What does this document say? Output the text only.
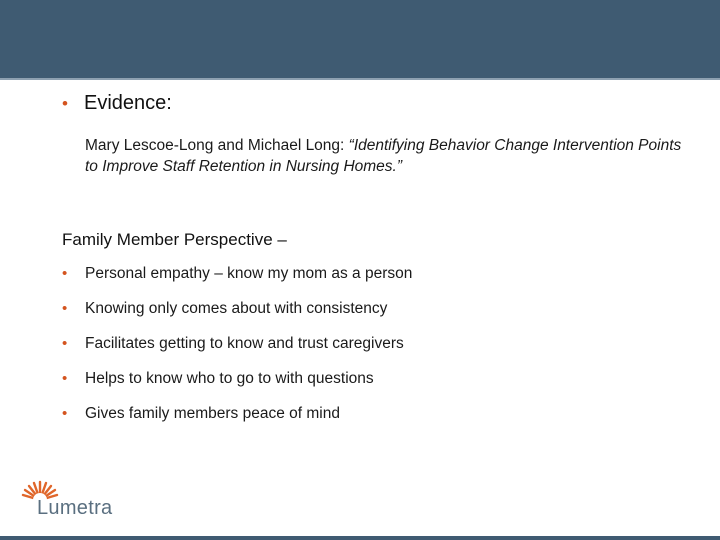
• Evidence:
Mary Lescoe-Long and Michael Long: “Identifying Behavior Change Intervention Points to Improve Staff Retention in Nursing Homes.”
Family Member Perspective –
• Personal empathy – know my mom as a person
• Knowing only comes about with consistency
• Facilitates getting to know and trust caregivers
• Helps to know who to go to with questions
• Gives family members peace of mind
Lumetra
